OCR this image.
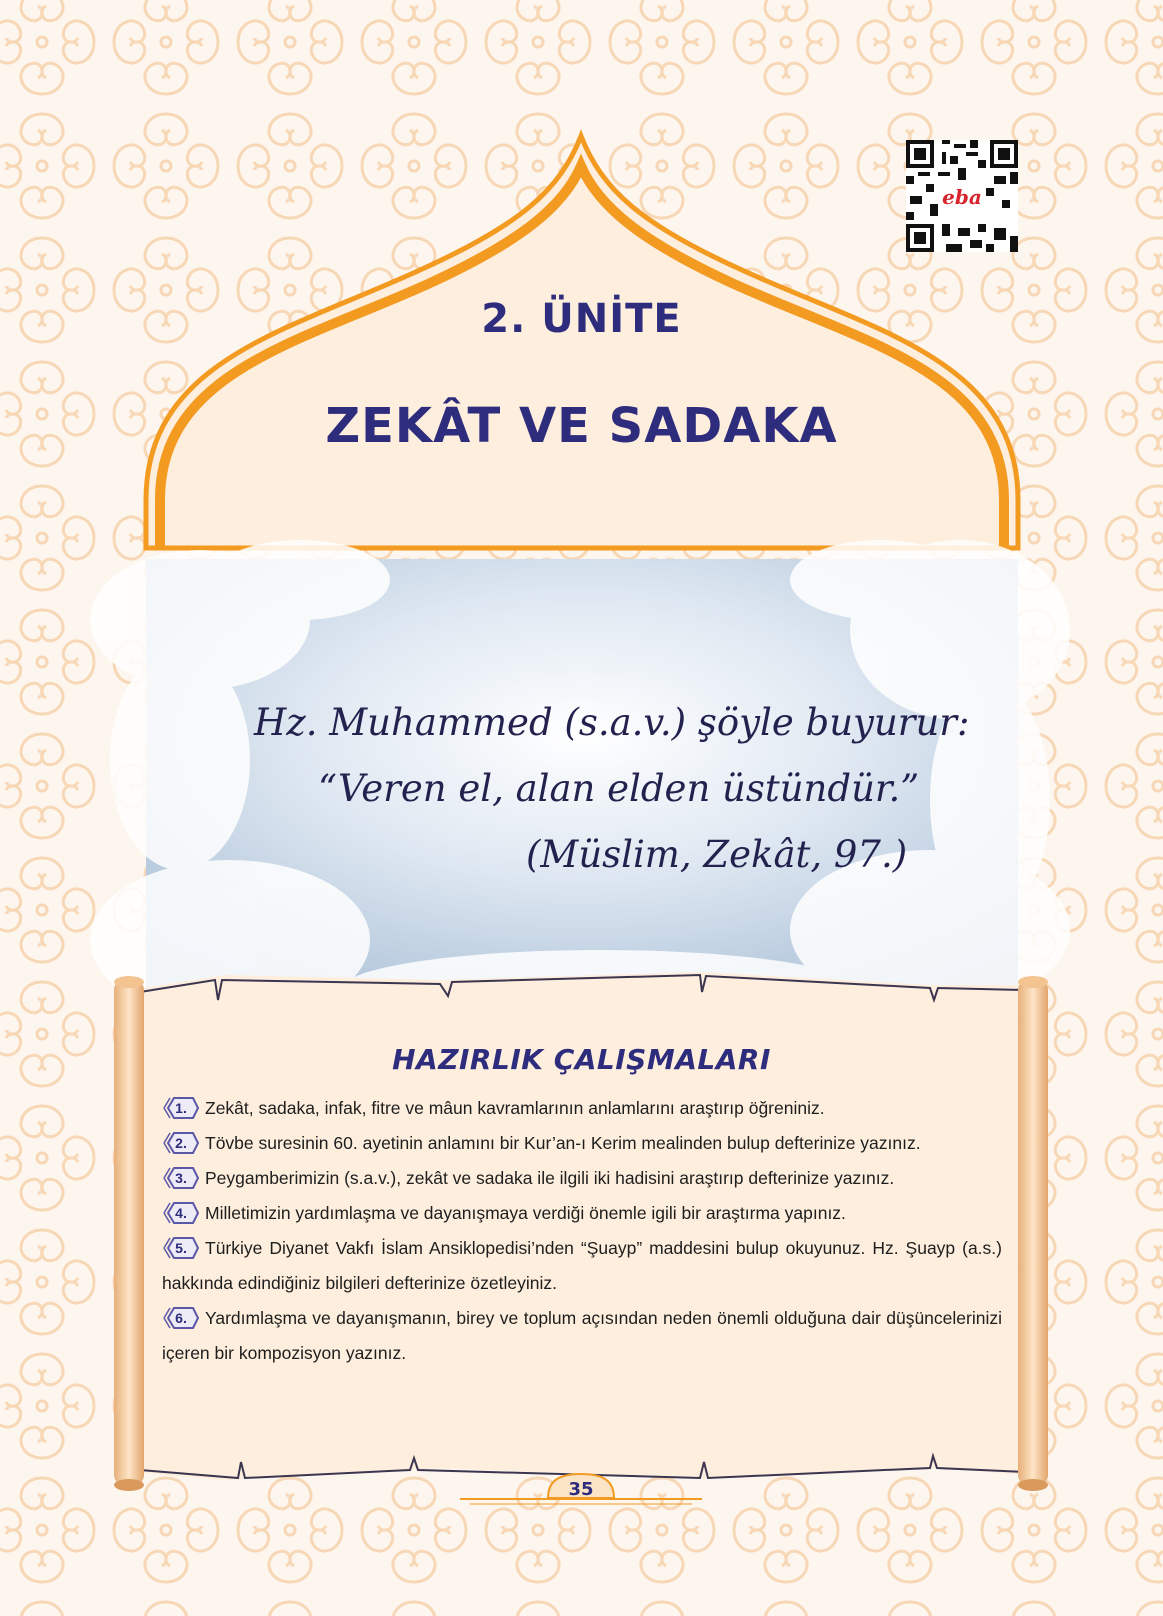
eba
2. ÜNİTE
ZEKÂT VE SADAKA
Hz. Muhammed (s.a.v.) şöyle buyurur:
“Veren el, alan elden üstündür.”
(Müslim, Zekât, 97.)
HAZIRLIK ÇALIŞMALARI

1.	Zekât, sadaka, infak, fitre ve mâun kavramlarının anlamlarını araştırıp öğreniniz.

2.	Tövbe suresinin 60. ayetinin anlamını bir Kur’an-ı Kerim mealinden bulup defterinize yazınız.

3.	Peygamberimizin (s.a.v.), zekât ve sadaka ile ilgili iki hadisini araştırıp defterinize yazınız.

4.	Milletimizin yardımlaşma ve dayanışmaya verdiği önemle igili bir araştırma yapınız.

5.	Türkiye Diyanet Vakfı İslam Ansiklopedisi’nden “Şuayp” maddesini bulup okuyunuz. Hz. Şuayp (a.s.) hakkında edindiğiniz bilgileri defterinize özetleyiniz.

6.	Yardımlaşma ve dayanışmanın, birey ve toplum açısından neden önemli olduğuna dair düşüncelerinizi içeren bir kompozisyon yazınız.

35
